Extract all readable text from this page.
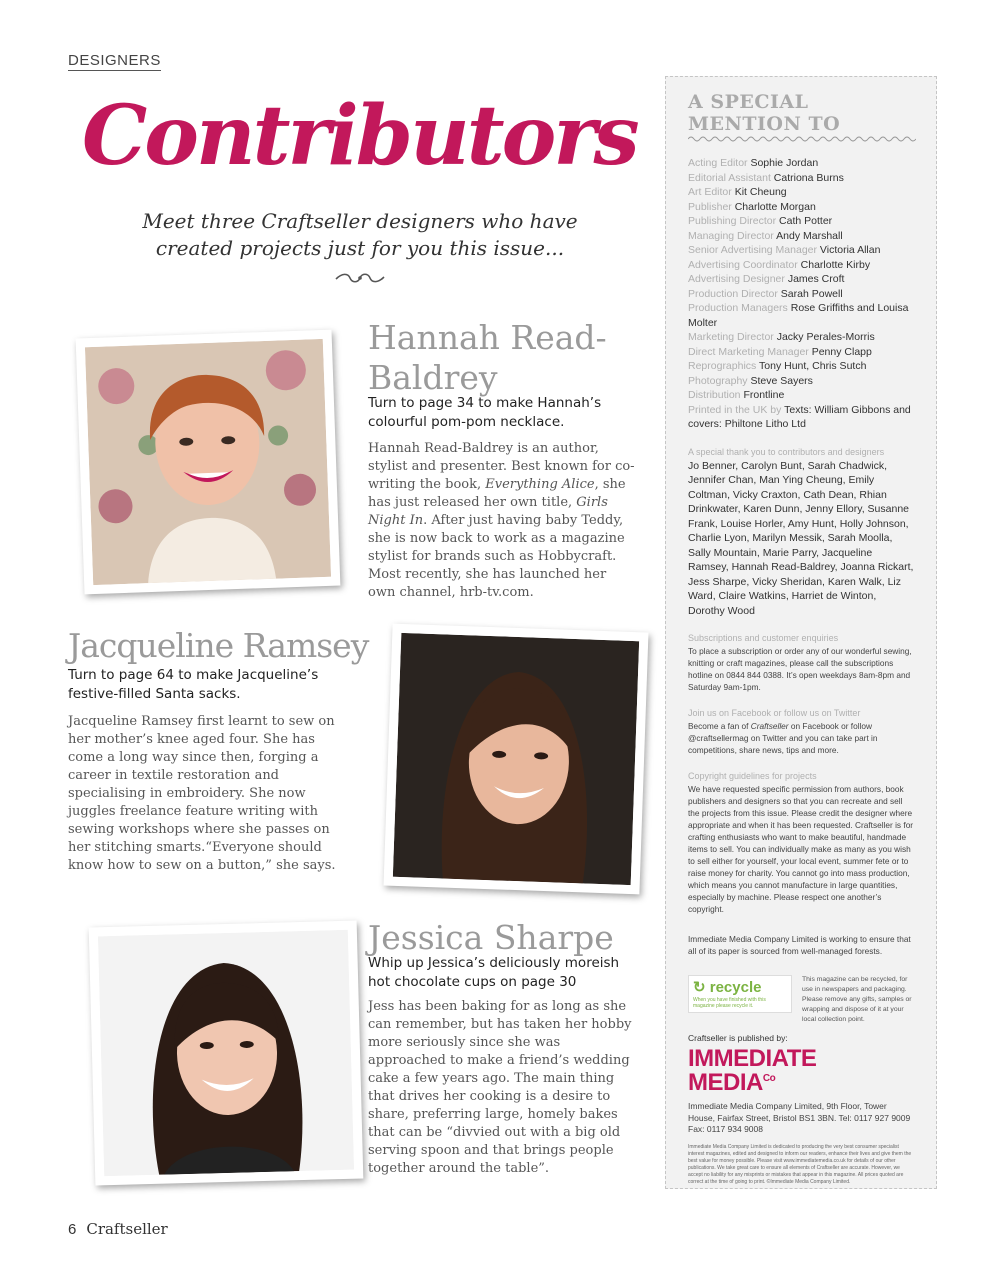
DESIGNERS
Contributors
Meet three Craftseller designers who have created projects just for you this issue...
Hannah Read-Baldrey

Turn to page 34 to make Hannah’s colourful pom-pom necklace.

Hannah Read-Baldrey is an author, stylist and presenter. Best known for co-writing the book, Everything Alice, she has just released her own title, Girls Night In. After just having baby Teddy, she is now back to work as a magazine stylist for brands such as Hobbycraft. Most recently, she has launched her own channel, hrb-tv.com.

Jacqueline Ramsey

Turn to page 64 to make Jacqueline’s festive-filled Santa sacks.

Jacqueline Ramsey first learnt to sew on her mother’s knee aged four. She has come a long way since then, forging a career in textile restoration and specialising in embroidery. She now juggles freelance feature writing with sewing workshops where she passes on her stitching smarts.“Everyone should know how to sew on a button,” she says.

Jessica Sharpe

Whip up Jessica’s deliciously moreish hot chocolate cups on page 30

Jess has been baking for as long as she can remember, but has taken her hobby more seriously since she was approached to make a friend’s wedding cake a few years ago. The main thing that drives her cooking is a desire to share, preferring large, homely bakes that can be “divvied out with a big old serving spoon and that brings people together around the table”.

A SPECIAL MENTION TO
Acting Editor Sophie Jordan
Editorial Assistant Catriona Burns
Art Editor Kit Cheung
Publisher Charlotte Morgan
Publishing Director Cath Potter
Managing Director Andy Marshall
Senior Advertising Manager Victoria Allan
Advertising Coordinator Charlotte Kirby
Advertising Designer James Croft
Production Director Sarah Powell
Production Managers Rose Griffiths and Louisa Molter
Marketing Director Jacky Perales-Morris
Direct Marketing Manager Penny Clapp
Reprographics Tony Hunt, Chris Sutch
Photography Steve Sayers
Distribution Frontline
Printed in the UK by Texts: William Gibbons and covers: Philtone Litho Ltd
A special thank you to contributors and designers
Jo Benner, Carolyn Bunt, Sarah Chadwick, Jennifer Chan, Man Ying Cheung, Emily Coltman, Vicky Craxton, Cath Dean, Rhian Drinkwater, Karen Dunn, Jenny Ellory, Susanne Frank, Louise Horler, Amy Hunt, Holly Johnson, Charlie Lyon, Marilyn Messik, Sarah Moolla, Sally Mountain, Marie Parry, Jacqueline Ramsey, Hannah Read-Baldrey, Joanna Rickart, Jess Sharpe, Vicky Sheridan, Karen Walk, Liz Ward, Claire Watkins, Harriet de Winton, Dorothy Wood
Subscriptions and customer enquiries

To place a subscription or order any of our wonderful sewing, knitting or craft magazines, please call the subscriptions hotline on 0844 844 0388. It’s open weekdays 8am-8pm and Saturday 9am-1pm.

Join us on Facebook or follow us on Twitter

Become a fan of Craftseller on Facebook or follow @craftsellermag on Twitter and you can take part in competitions, share news, tips and more.

Copyright guidelines for projects

We have requested specific permission from authors, book publishers and designers so that you can recreate and sell the projects from this issue. Please credit the designer where appropriate and when it has been requested. Craftseller is for crafting enthusiasts who want to make beautiful, handmade items to sell. You can individually make as many as you wish to sell either for yourself, your local event, summer fete or to raise money for charity. You cannot go into mass production, which means you cannot manufacture in large quantities, especially by machine. Please respect one another’s copyright.

Immediate Media Company Limited is working to ensure that all of its paper is sourced from well-managed forests.

↻ recycle
When you have finished with this magazine please recycle it.
This magazine can be recycled, for use in newspapers and packaging. Please remove any gifts, samples or wrapping and dispose of it at your local collection point.
Craftseller is published by:
IMMEDIATE
$MEDIA^{Co}$
Immediate Media Company Limited, 9th Floor, Tower House, Fairfax Street, Bristol BS1 3BN. Tel: 0117 927 9009 Fax: 0117 934 9008
Immediate Media Company Limited is dedicated to producing the very best consumer specialist interest magazines, edited and designed to inform our readers, enhance their lives and give them the best value for money possible. Please visit www.immediatemedia.co.uk for details of our other publications. We take great care to ensure all elements of Craftseller are accurate. However, we accept no liability for any misprints or mistakes that appear in this magazine. All prices quoted are correct at the time of going to print. ©Immediate Media Company Limited.
6 Craftseller
